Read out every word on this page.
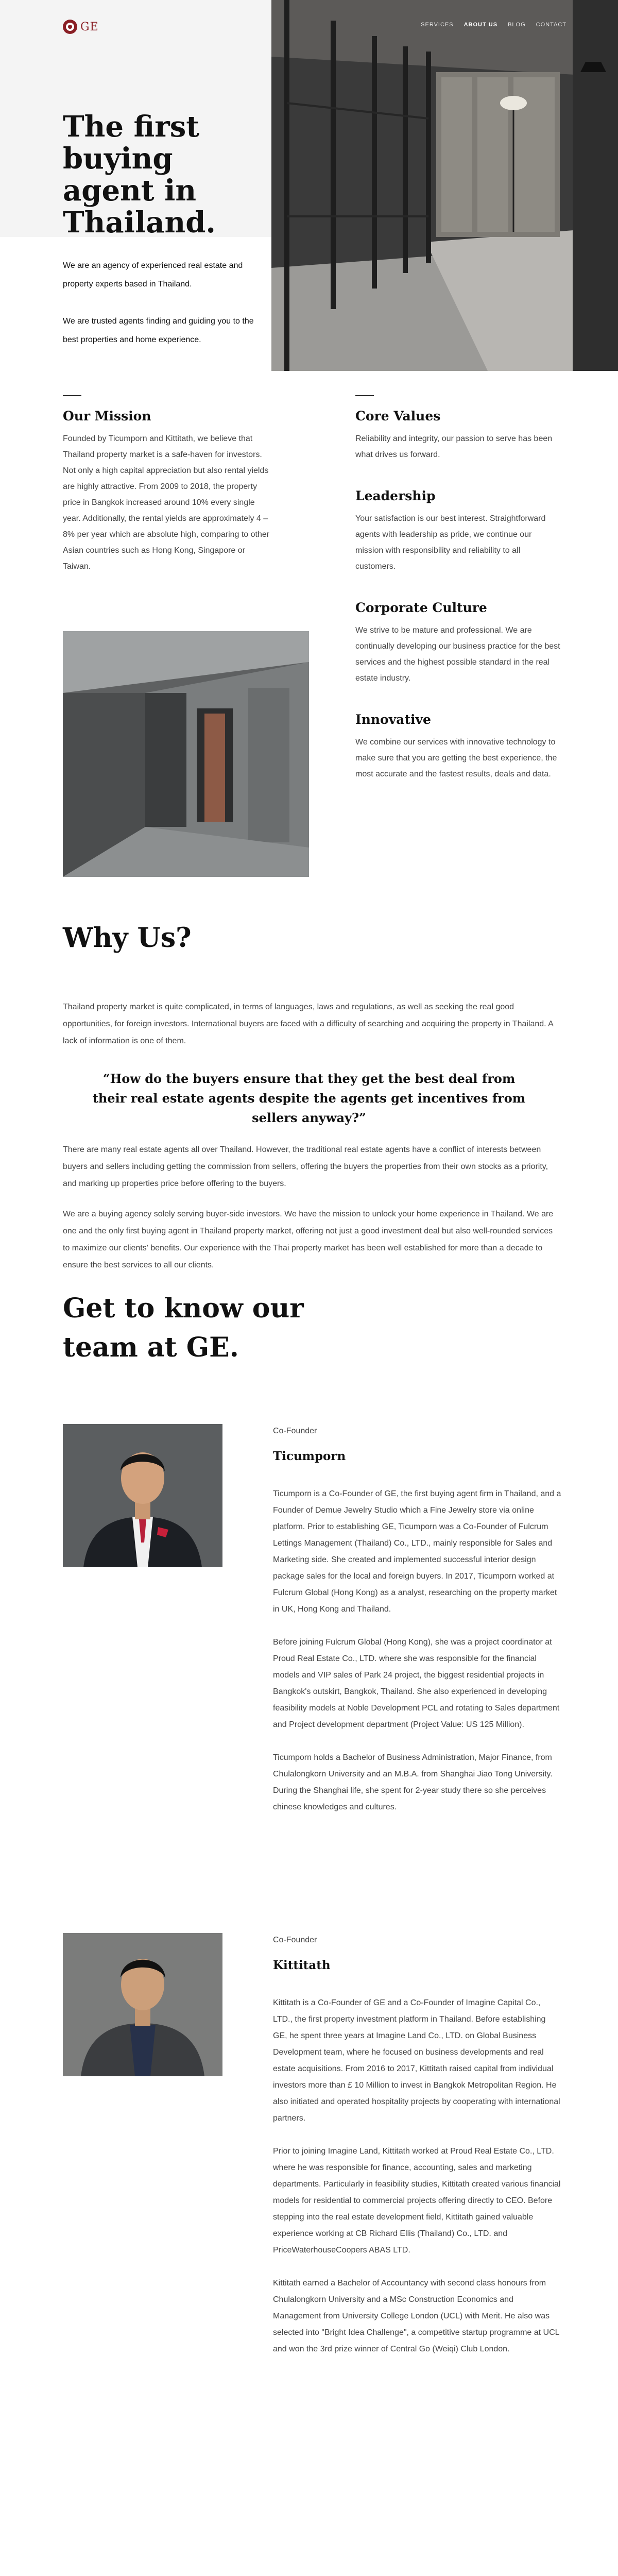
GE
The first buying agent in Thailand.

We are an agency of experienced real estate and property experts based in Thailand.

We are trusted agents finding and guiding you to the best properties and home experience.

SERVICES ABOUT US BLOG CONTACT
Our Mission

Founded by Ticumporn and Kittitath, we believe that Thailand property market is a safe-haven for investors. Not only a high capital appreciation but also rental yields are highly attractive. From 2009 to 2018, the property price in Bangkok increased around 10% every single year. Additionally, the rental yields are approximately 4 – 8% per year which are absolute high, comparing to other Asian countries such as Hong Kong, Singapore or Taiwan.

Core Values

Reliability and integrity, our passion to serve has been what drives us forward.

Leadership

Your satisfaction is our best interest. Straightforward agents with leadership as pride, we continue our mission with responsibility and reliability to all customers.

Corporate Culture

We strive to be mature and professional. We are continually developing our business practice for the best services and the highest possible standard in the real estate industry.

Innovative

We combine our services with innovative technology to make sure that you are getting the best experience, the most accurate and the fastest results, deals and data.

Why Us?

Thailand property market is quite complicated, in terms of languages, laws and regulations, as well as seeking the real good opportunities, for foreign investors. International buyers are faced with a difficulty of searching and acquiring the property in Thailand. A lack of information is one of them.

“How do the buyers ensure that they get the best deal from their real estate agents despite the agents get incentives from sellers anyway?”

There are many real estate agents all over Thailand. However, the traditional real estate agents have a conflict of interests between buyers and sellers including getting the commission from sellers, offering the buyers the properties from their own stocks as a priority, and marking up properties price before offering to the buyers.

We are a buying agency solely serving buyer-side investors. We have the mission to unlock your home experience in Thailand. We are one and the only first buying agent in Thailand property market, offering not just a good investment deal but also well-rounded services to maximize our clients' benefits. Our experience with the Thai property market has been well established for more than a decade to ensure the best services to all our clients.

Get to know our team at GE.

Co-Founder

Ticumporn

Ticumporn is a Co-Founder of GE, the first buying agent firm in Thailand, and a Founder of Demue Jewelry Studio which a Fine Jewelry store via online platform. Prior to establishing GE, Ticumporn was a Co-Founder of Fulcrum Lettings Management (Thailand) Co., LTD., mainly responsible for Sales and Marketing side. She created and implemented successful interior design package sales for the local and foreign buyers. In 2017, Ticumporn worked at Fulcrum Global (Hong Kong) as a analyst, researching on the property market in UK, Hong Kong and Thailand.

Before joining Fulcrum Global (Hong Kong), she was a project coordinator at Proud Real Estate Co., LTD. where she was responsible for the financial models and VIP sales of Park 24 project, the biggest residential projects in Bangkok's outskirt, Bangkok, Thailand. She also experienced in developing feasibility models at Noble Development PCL and rotating to Sales department and Project development department (Project Value: US 125 Million).

Ticumporn holds a Bachelor of Business Administration, Major Finance, from Chulalongkorn University and an M.B.A. from Shanghai Jiao Tong University. During the Shanghai life, she spent for 2-year study there so she perceives chinese knowledges and cultures.

Co-Founder

Kittitath

Kittitath is a Co-Founder of GE and a Co-Founder of Imagine Capital Co., LTD., the first property investment platform in Thailand. Before establishing GE, he spent three years at Imagine Land Co., LTD. on Global Business Development team, where he focused on business developments and real estate acquisitions. From 2016 to 2017, Kittitath raised capital from individual investors more than £ 10 Million to invest in Bangkok Metropolitan Region. He also initiated and operated hospitality projects by cooperating with international partners.

Prior to joining Imagine Land, Kittitath worked at Proud Real Estate Co., LTD. where he was responsible for finance, accounting, sales and marketing departments. Particularly in feasibility studies, Kittitath created various financial models for residential to commercial projects offering directly to CEO. Before stepping into the real estate development field, Kittitath gained valuable experience working at CB Richard Ellis (Thailand) Co., LTD. and PriceWaterhouseCoopers ABAS LTD.

Kittitath earned a Bachelor of Accountancy with second class honours from Chulalongkorn University and a MSc Construction Economics and Management from University College London (UCL) with Merit. He also was selected into "Bright Idea Challenge", a competitive startup programme at UCL and won the 3rd prize winner of Central Go (Weiqi) Club London.
